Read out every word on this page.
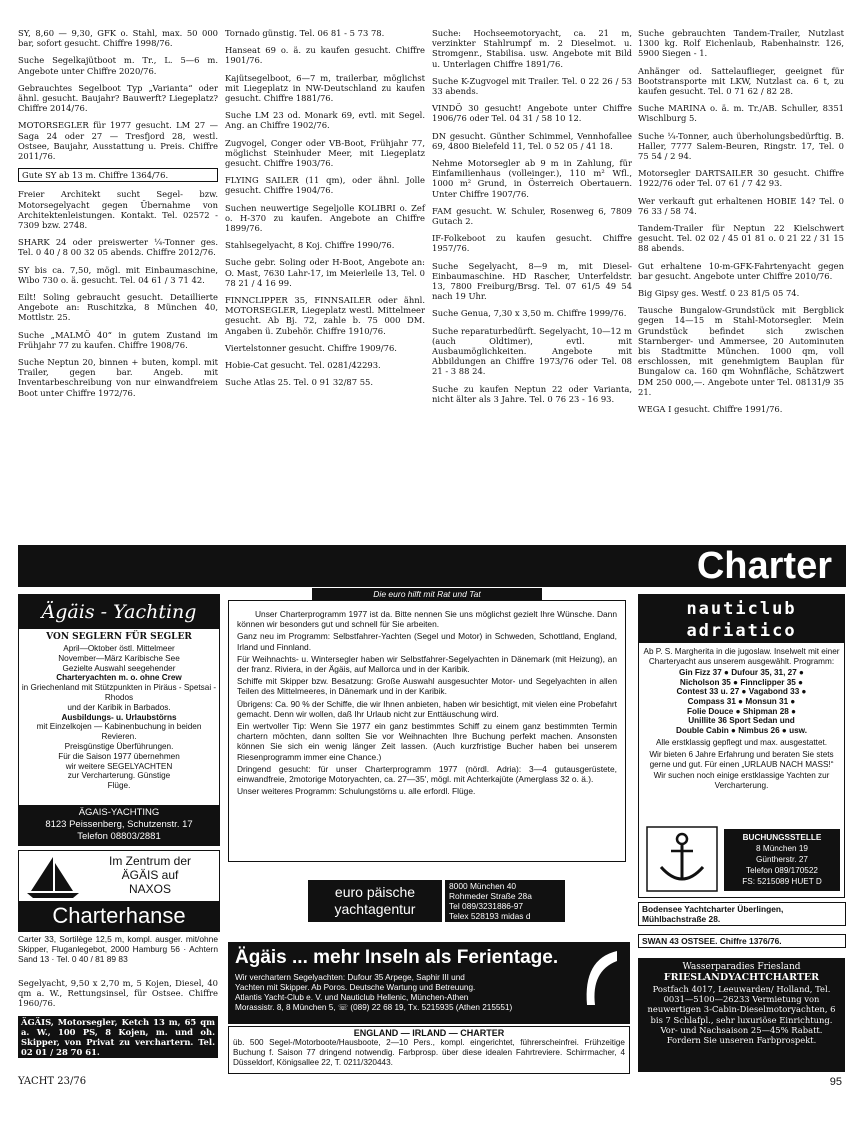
SY, 8,60 — 9,30, GFK o. Stahl, max. 50 000 bar, sofort gesucht. Chiffre 1998/76.

Suche Segelkajütboot m. Tr., L. 5—6 m. Angebote unter Chiffre 2020/76.

Gebrauchtes Segelboot Typ „Varianta“ oder ähnl. gesucht. Baujahr? Bauwerft? Liegeplatz? Chiffre 2014/76.

MOTORSEGLER für 1977 gesucht. LM 27 — Saga 24 oder 27 — Tresfjord 28, westl. Ostsee, Baujahr, Ausstattung u. Preis. Chiffre 2011/76.

Gute SY ab 13 m. Chiffre 1364/76.

Freier Architekt sucht Segel- bzw. Motorsegelyacht gegen Übernahme von Architektenleistungen. Kontakt. Tel. 02572 - 7309 bzw. 2748.

SHARK 24 oder preiswerter ¼-Tonner ges. Tel. 0 40 / 8 00 32 05 abends. Chiffre 2012/76.

SY bis ca. 7,50, mögl. mit Einbaumaschine, Wibo 730 o. ä. gesucht. Tel. 04 61 / 3 71 42.

Eilt! Soling gebraucht gesucht. Detaillierte Angebote an: Ruschitzka, 8 München 40, Mottlstr. 25.

Suche „MALMÖ 40“ in gutem Zustand im Frühjahr 77 zu kaufen. Chiffre 1908/76.

Suche Neptun 20, binnen + buten, kompl. mit Trailer, gegen bar. Angeb. mit Inventarbeschreibung von nur einwandfreiem Boot unter Chiffre 1972/76.

Tornado günstig. Tel. 06 81 - 5 73 78.

Hanseat 69 o. ä. zu kaufen gesucht. Chiffre 1901/76.

Kajütsegelboot, 6—7 m, trailerbar, möglichst mit Liegeplatz in NW-Deutschland zu kaufen gesucht. Chiffre 1881/76.

Suche LM 23 od. Monark 69, evtl. mit Segel. Ang. an Chiffre 1902/76.

Zugvogel, Conger oder VB-Boot, Frühjahr 77, möglichst Steinhuder Meer, mit Liegeplatz gesucht. Chiffre 1903/76.

FLYING SAILER (11 qm), oder ähnl. Jolle gesucht. Chiffre 1904/76.

Suchen neuwertige Segeljolle KOLIBRI o. Zef o. H-370 zu kaufen. Angebote an Chiffre 1899/76.

Stahlsegelyacht, 8 Koj. Chiffre 1990/76.

Suche gebr. Soling oder H-Boot, Angebote an: O. Mast, 7630 Lahr-17, im Meierleile 13, Tel. 0 78 21 / 4 16 99.

FINNCLIPPER 35, FINNSAILER oder ähnl. MOTORSEGLER, Liegeplatz westl. Mittelmeer gesucht. Ab Bj. 72, zahle b. 75 000 DM. Angaben ü. Zubehör. Chiffre 1910/76.

Viertelstonner gesucht. Chiffre 1909/76.

Hobie-Cat gesucht. Tel. 0281/42293.

Suche Atlas 25. Tel. 0 91 32/87 55.

Suche: Hochseemotoryacht, ca. 21 m, verzinkter Stahlrumpf m. 2 Dieselmot. u. Stromgenr., Stabilisa. usw. Angebote mit Bild u. Unterlagen Chiffre 1891/76.

Suche K-Zugvogel mit Trailer. Tel. 0 22 26 / 53 33 abends.

VINDÖ 30 gesucht! Angebote unter Chiffre 1906/76 oder Tel. 04 31 / 58 10 12.

DN gesucht. Günther Schimmel, Vennhofallee 69, 4800 Bielefeld 11, Tel. 0 52 05 / 41 18.

Nehme Motorsegler ab 9 m in Zahlung, für Einfamilienhaus (volleinger.), 110 m² Wfl., 1000 m² Grund, in Österreich Obertauern. Unter Chiffre 1907/76.

FAM gesucht. W. Schuler, Rosenweg 6, 7809 Gutach 2.

IF-Folkeboot zu kaufen gesucht. Chiffre 1957/76.

Suche Segelyacht, 8—9 m, mit Diesel-Einbaumaschine. HD Rascher, Unterfeldstr. 13, 7800 Freiburg/Brsg. Tel. 07 61/5 49 54 nach 19 Uhr.

Suche Genua, 7,30 x 3,50 m. Chiffre 1999/76.

Suche reparaturbedürft. Segelyacht, 10—12 m (auch Oldtimer), evtl. mit Ausbaumöglichkeiten. Angebote mit Abbildungen an Chiffre 1973/76 oder Tel. 08 21 - 3 88 24.

Suche zu kaufen Neptun 22 oder Varianta, nicht älter als 3 Jahre. Tel. 0 76 23 - 16 93.

Suche gebrauchten Tandem-Trailer, Nutzlast 1300 kg. Rolf Eichenlaub, Rabenhainstr. 126, 5900 Siegen - 1.

Anhänger od. Sattelauflieger, geeignet für Bootstransporte mit LKW, Nutzlast ca. 6 t, zu kaufen gesucht. Tel. 0 71 62 / 82 28.

Suche MARINA o. ä. m. Tr./AB. Schuller, 8351 Wischlburg 5.

Suche ¼-Tonner, auch überholungsbedürftig. B. Haller, 7777 Salem-Beuren, Ringstr. 17, Tel. 0 75 54 / 2 94.

Motorsegler DARTSAILER 30 gesucht. Chiffre 1922/76 oder Tel. 07 61 / 7 42 93.

Wer verkauft gut erhaltenen HOBIE 14? Tel. 0 76 33 / 58 74.

Tandem-Trailer für Neptun 22 Kielschwert gesucht. Tel. 02 02 / 45 01 81 o. 0 21 22 / 31 15 88 abends.

Gut erhaltene 10-m-GFK-Fahrtenyacht gegen bar gesucht. Angebote unter Chiffre 2010/76.

Big Gipsy ges. Westf. 0 23 81/5 05 74.

Tausche Bungalow-Grundstück mit Bergblick gegen 14—15 m Stahl-Motorsegler. Mein Grundstück befindet sich zwischen Starnberger- und Ammersee, 20 Autominuten bis Stadtmitte München. 1000 qm, voll erschlossen, mit genehmigtem Bauplan für Bungalow ca. 160 qm Wohnfläche, Schätzwert DM 250 000,—. Angebote unter Tel. 08131/9 35 21.

WEGA I gesucht. Chiffre 1991/76.

Charter
Ägäis - Yachting
VON SEGLERN FÜR SEGLER
April—Oktober östl. Mittelmeer
November—März Karibische See
Gezielte Auswahl seegehender
Charteryachten m. o. ohne Crew
in Griechenland mit Stützpunkten in Piräus - Spetsai - Rhodos
und der Karibik in Barbados.
Ausbildungs- u. Urlaubstörns
mit Einzelkojen — Kabinenbuchung in beiden Revieren.
Preisgünstige Überführungen.
Für die Saison 1977 übernehmen
wir weitere SEGELYACHTEN
zur Vercharterung. Günstige
Flüge.
ÄGAIS-YACHTING
8123 Peissenberg, Schutzenstr. 17
Telefon 08803/2881
Die euro hilft mit Rat und Tat

Unser Charterprogramm 1977 ist da. Bitte nennen Sie uns möglichst gezielt Ihre Wünsche. Dann können wir besonders gut und schnell für Sie arbeiten.

Ganz neu im Programm: Selbstfahrer-Yachten (Segel und Motor) in Schweden, Schottland, England, Irland und Finnland.

Für Weihnachts- u. Wintersegler haben wir Selbstfahrer-Segelyachten in Dänemark (mit Heizung), an der franz. Riviera, in der Ägäis, auf Mallorca und in der Karibik.

Schiffe mit Skipper bzw. Besatzung: Große Auswahl ausgesuchter Motor- und Segelyachten in allen Teilen des Mittelmeeres, in Dänemark und in der Karibik.

Übrigens: Ca. 90 % der Schiffe, die wir Ihnen anbieten, haben wir besichtigt, mit vielen eine Probefahrt gemacht. Denn wir wollen, daß Ihr Urlaub nicht zur Enttäuschung wird.

Ein wertvoller Tip: Wenn Sie 1977 ein ganz bestimmtes Schiff zu einem ganz bestimmten Termin chartern möchten, dann sollten Sie vor Weihnachten Ihre Buchung perfekt machen. Ansonsten können Sie sich ein wenig länger Zeit lassen. (Auch kurzfristige Bucher haben bei unserem Riesenprogramm immer eine Chance.)

Dringend gesucht: für unser Charterprogramm 1977 (nördl. Adria): 3—4 gutausgerüstete, einwandfreie, 2motorige Motoryachten, ca. 27—35', mögl. mit Achterkajüte (Amerglass 32 o. ä.).

Unser weiteres Programm: Schulungstörns u. alle erfordl. Flüge.

euro päische
yachtagentur
8000 München 40
Rohmeder Straße 28a
Tel 089/3231886-97
Telex 528193 midas d
nauticlub
adriatico
Ab P. S. Margherita in die jugoslaw. Inselwelt mit einer Charteryacht aus unserem ausgewählt. Programm:
Gin Fizz 37 ● Dufour 35, 31, 27 ●
Nicholson 35 ● Finnclipper 35 ●
Contest 33 u. 27 ● Vagabond 33 ●
Compass 31 ● Monsun 31 ●
Folie Douce ● Shipman 28 ●
Unillite 36 Sport Sedan und
Double Cabin ● Nimbus 26 ● usw.
Alle erstklassig gepflegt und max. ausgestattet.
Wir bieten 6 Jahre Erfahrung und beraten Sie stets gerne und gut. Für einen „URLAUB NACH MASS!“
Wir suchen noch einige erstklassige Yachten zur Vercharterung.
BUCHUNGSSTELLE
8 München 19
Güntherstr. 27
Telefon 089/170522
FS: 5215089 HUET D
Im Zentrum der
ÄGÄIS auf
NAXOS
Charterhanse
Carter 33, Sortilège 12,5 m, kompl. ausger. mit/ohne Skipper, Fluganlegebot, 2000 Hamburg 56 · Achtern Sand 13 · Tel. 0 40 / 81 89 83

Segelyacht, 9,50 x 2,70 m, 5 Kojen, Diesel, 40 qm a. W., Rettungsinsel, für Ostsee. Chiffre 1960/76.

ÄGÄIS, Motorsegler, Ketch 13 m, 65 qm a. W., 100 PS, 8 Kojen, m. und oh. Skipper, von Privat zu verchartern. Tel. 02 01 / 28 70 61.

Ägäis ... mehr Inseln als Ferientage.
Wir verchartern Segelyachten: Dufour 35 Arpege, Saphir III und
Yachten mit Skipper. Ab Poros. Deutsche Wartung und Betreuung.
Atlantis Yacht-Club e. V. und Nauticlub Hellenic, München-Athen
Morassistr. 8, 8 München 5, ☏ (089) 22 68 19, Tx. 5215935 (Athen 215551)
ENGLAND — IRLAND — CHARTER
üb. 500 Segel-/Motorboote/Hausboote, 2—10 Pers., kompl. eingerichtet, führerscheinfrei. Frühzeitige Buchung f. Saison 77 dringend notwendig. Farbprosp. über diese idealen Fahrtreviere. Schirrmacher, 4 Düsseldorf, Königsallee 22, T. 0211/320443.
Bodensee Yachtcharter Überlingen, Mühlbachstraße 28.
SWAN 43 OSTSEE. Chiffre 1376/76.
Wasserparadies Friesland
FRIESLANDYACHTCHARTER
Postfach 4017, Leeuwarden/ Holland, Tel. 0031—5100—26233 Vermietung von neuwertigen 3-Cabin-Dieselmotoryachten, 6 bis 7 Schlafpl., sehr luxuriöse Einrichtung. Vor- und Nachsaison 25—45% Rabatt. Fordern Sie unseren Farbprospekt.
YACHT 23/76	95
